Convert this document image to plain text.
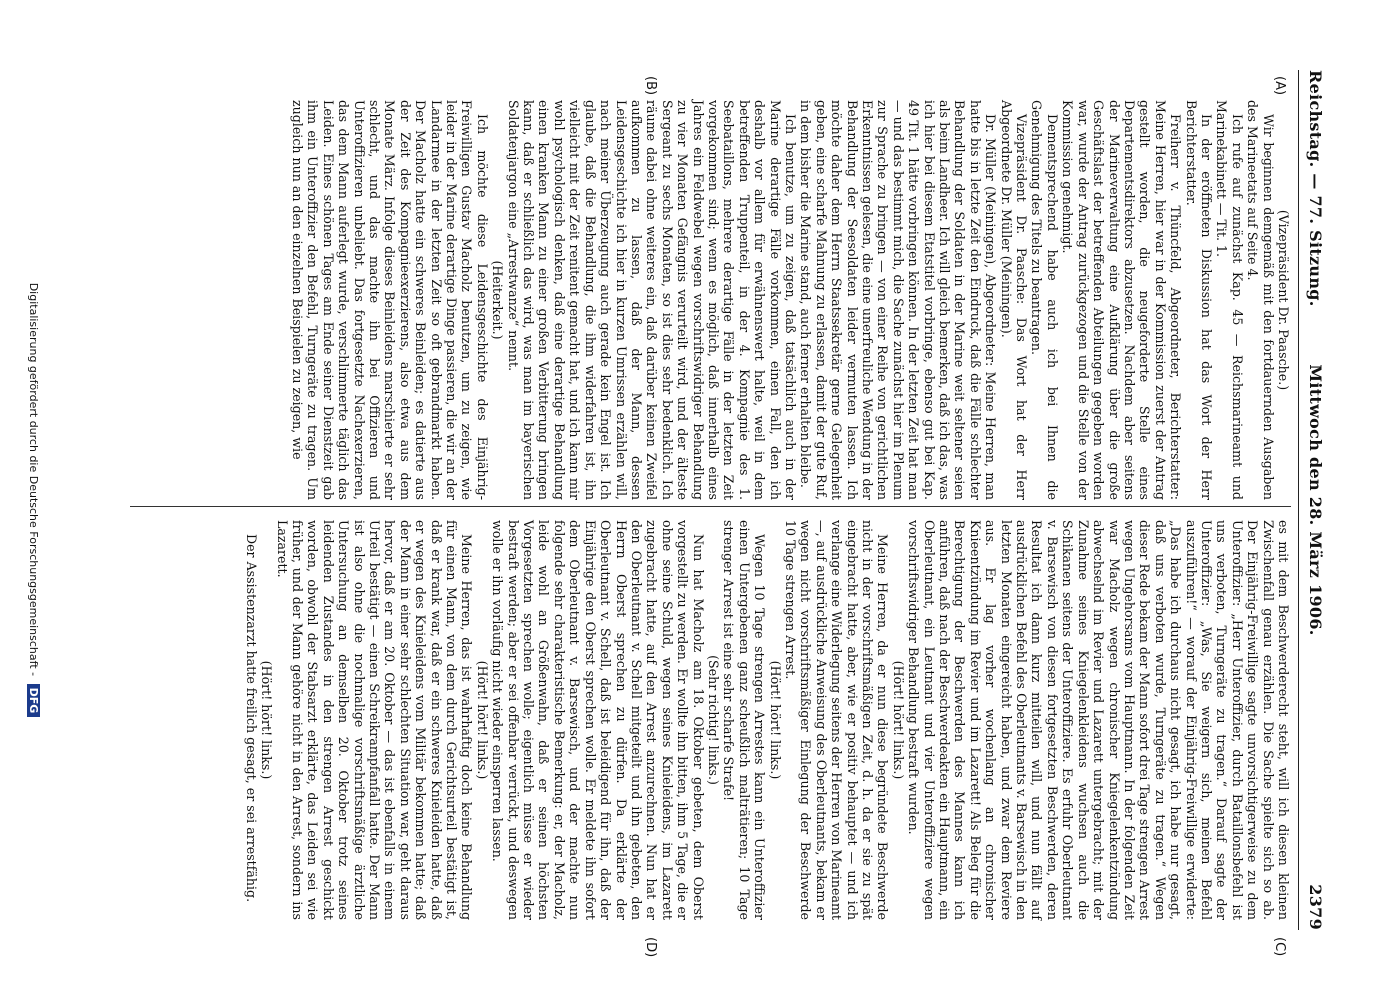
Reichstag. — 77. Sitzung.
Mittwoch den 28. März 1906.
2379
(A)
(B)
(C)
(D)

(Vizepräsident Dr. Paasche.)

Wir beginnen demgemäß mit den fortdauernden Ausgaben des Marineetats auf Seite 4.

Ich rufe auf zunächst Kap. 45 — Reichsmarineamt und Marinekabinett — Tit. 1.

In der eröffneten Diskussion hat das Wort der Herr Berichterstatter.

Freiherr v. Thüncfeld, Abgeordneter, Berichterstatter: Meine Herren, hier war in der Kommission zuerst der Antrag gestellt worden, die neugeforderte Stelle eines Departementsdirektors abzusetzen. Nachdem aber seitens der Marineverwaltung eine Aufklärung über die große Geschäftslast der betreffenden Abteilungen gegeben worden war, wurde der Antrag zurückgezogen und die Stelle von der Kommission genehmigt.

Dementsprechend habe auch ich bei Ihnen die Genehmigung des Titels zu beantragen.

Vizepräsident Dr. Paasche: Das Wort hat der Herr Abgeordnete Dr. Müller (Meiningen).

Dr. Müller (Meiningen), Abgeordneter: Meine Herren, man hatte bis in letzte Zeit den Eindruck, daß die Fälle schlechter Behandlung der Soldaten in der Marine weit seltener seien als beim Landheer. Ich will gleich bemerken, daß ich das, was ich hier bei diesem Etatstitel vorbringe, ebenso gut bei Kap. 49 Tit. 1 hätte vorbringen können. In der letzten Zeit hat man — und das bestimmt mich, die Sache zunächst hier im Plenum zur Sprache zu bringen — von einer Reihe von gerichtlichen Erkenntnissen gelesen, die eine unerfreuliche Wendung in der Behandlung der Seesoldaten leider vermuten lassen. Ich möchte daher dem Herrn Staatssekretär gerne Gelegenheit geben, eine scharfe Mahnung zu erlassen, damit der gute Ruf, in dem bisher die Marine stand, auch ferner erhalten bleibe.

Ich benutze, um zu zeigen, daß tatsächlich auch in der Marine derartige Fälle vorkommen, einen Fall, den ich deshalb vor allem für erwähnenswert halte, weil in dem betreffenden Truppenteil, in der 4. Kompagnie des 1. Seebataillons, mehrere derartige Fälle in der letzten Zeit vorgekommen sind; wenn es möglich, daß innerhalb eines Jahres ein Feldwebel wegen vorschriftswidriger Behandlung zu vier Monaten Gefängnis verurteilt wird, und der älteste Sergeant zu sechs Monaten, so ist dies sehr bedenklich. Ich räume dabei ohne weiteres ein, daß darüber keinen Zweifel aufkommen zu lassen, daß der Mann, dessen Leidensgeschichte ich hier in kurzen Umrissen erzählen will, nach meiner Überzeugung auch gerade kein Engel ist. Ich glaube, daß die Behandlung, die ihm widerfahren ist, ihn vielleicht mit der Zeit renitent gemacht hat, und ich kann mir wohl psychologisch denken, daß eine derartige Behandlung einen kranken Mann zu einer großen Verbitterung bringen kann, daß er schließlich das wird, was man im bayerischen Soldatenjargon eine „Arrestwanze“ nennt.

(Heiterkeit.)

Ich möchte diese Leidensgeschichte des Einjährig-Freiwilligen Gustav Macholz benutzen, um zu zeigen, wie leider in der Marine derartige Dinge passieren, die wir an der Landarmee in der letzten Zeit so oft gebrandmarkt haben. Der Macholz hatte ein schweres Beinleiden; es datierte aus der Zeit des Kompagnieexerzierens, also etwa aus dem Monate März. Infolge dieses Beinleidens marschierte er sehr schlecht, und das machte ihn bei Offizieren und Unteroffizieren unbeliebt. Das fortgesetzte Nachexerzieren, das dem Mann auferlegt wurde, verschlimmerte täglich das Leiden. Eines schönen Tages am Ende seiner Dienstzeit gab ihm ein Unteroffizier den Befehl, Turngeräte zu tragen. Um zugleich nun an den einzelnen Beispielen zu zeigen, wie

es mit dem Beschwerderecht steht, will ich diesen kleinen Zwischenfall genau erzählen. Die Sache spielte sich so ab. Der Einjährig-Freiwillige sagte unvorsichtigerweise zu dem Unteroffizier: „Herr Unteroffizier, durch Bataillonsbefehl ist uns verboten, Turngeräte zu tragen.“ Darauf sagte der Unteroffizier: „Was, Sie weigern sich, meinen Befehl auszuführen!“ — worauf der Einjährig-Freiwillige erwiderte: „Das habe ich durchaus nicht gesagt, ich habe nur gesagt, daß uns verboten wurde, Turngeräte zu tragen.“ Wegen dieser Rede bekam der Mann sofort drei Tage strengen Arrest wegen Ungehorsams vom Hauptmann. In der folgenden Zeit war Macholz wegen chronischer Kniegelenkentzündung abwechselnd im Revier und Lazarett untergebracht; mit der Zunahme seines Kniegelenkleidens wuchsen auch die Schikanen seitens der Unteroffiziere. Es erfuhr Oberleutnant v. Barsewisch von diesen fortgesetzten Beschwerden, deren Resultat ich dann kurz mitteilen will, und nun fällt auf ausdrücklichen Befehl des Oberleutnants v. Barsewisch in den letzten Monaten eingereicht haben, und zwar dem Reviere aus. Er lag vorher wochenlang an chronischer Knieentzündung im Revier und im Lazarett! Als Beleg für die Berechtigung der Beschwerden des Mannes kann ich anführen, daß nach der Beschwerdeakten ein Hauptmann, ein Oberleutnant, ein Leutnant und vier Unteroffiziere wegen vorschriftswidriger Behandlung bestraft wurden.

(Hört! hört! links.)

Meine Herren, da er nun diese begründete Beschwerde nicht in der vorschriftsmäßigen Zeit, d. h. da er sie zu spät eingebracht hatte, aber, wie er positiv behauptet — und ich verlange eine Widerlegung seitens der Herren von Marineamt —, auf ausdrückliche Anweisung des Oberleutnants, bekam er wegen nicht vorschriftsmäßiger Einlegung der Beschwerde 10 Tage strengen Arrest.

(Hört! hört! links.)

Wegen 10 Tage strengen Arrestes kann ein Unteroffizier einen Untergebenen ganz scheußlich malträtieren; 10 Tage strenger Arrest ist eine sehr scharfe Strafe!

(Sehr richtig! links.)

Nun hat Macholz am 18. Oktober gebeten, dem Oberst vorgestellt zu werden. Er wollte ihn bitten, ihm 5 Tage, die er ohne seine Schuld, wegen seines Knieleidens, im Lazarett zugebracht hatte, auf den Arrest anzurechnen. Nun hat er den Oberleutnant v. Schell mitgeteilt und ihn gebeten, den Herrn Oberst sprechen zu dürfen. Da erklärte der Oberleutnant v. Schell, daß ist beleidigend für ihn, daß der Einjährige den Oberst sprechen wolle. Er meldete ihn sofort dem Oberleutnant v. Barsewisch, und der machte nun folgende sehr charakteristische Bemerkung: er, der Macholz, leide wohl an Größenwahn, daß er seinen höchsten Vorgesetzten sprechen wolle; eigentlich müsse er wieder bestraft werden; aber er sei offenbar verrückt, und deswegen wolle er ihn vorläufig nicht wieder einsperren lassen.

(Hört! hört! links.)

Meine Herren, das ist wahrhaftig doch keine Behandlung für einen Mann, von dem durch Gerichtsurteil bestätigt ist, daß er krank war, daß er ein schweres Knieleiden hatte, daß er wegen des Knieleidens vom Militär bekommen hatte; daß der Mann in einer sehr schlechten Situation war, geht daraus hervor, daß er am 20. Oktober — das ist ebenfalls in einem Urteil bestätigt — einen Schreikrampfanfall hatte. Der Mann ist also ohne die nochmalige vorschriftsmäßige ärztliche Untersuchung an demselben 20. Oktober trotz seines leidenden Zustandes in den strengen Arrest geschickt worden, obwohl der Stabsarzt erklärte, das Leiden sei wie früher, und der Mann gehöre nicht in den Arrest, sondern ins Lazarett.

(Hört! hört! links.)

Der Assistenzarzt hatte freilich gesagt, er sei arrestfähig.

Digitalisierung gefördert durch die Deutsche Forschungsgemeinschaft - DFG
